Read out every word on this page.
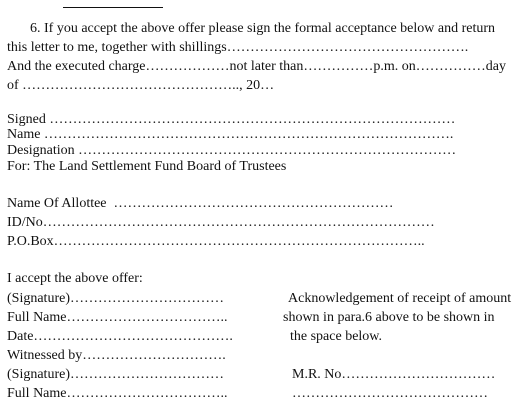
6. If you accept the above offer please sign the formal acceptance below and return
this letter to me, together with shillings…………………………………………….
And the executed charge………………not later than……………p.m. on……………day
of ……………………………………….., 20…
Signed ……………………………………………………………………………
Name …………………………………………………………………………….
Designation ………………………………………………………………………
For: The Land Settlement Fund Board of Trustees
Name Of Allottee  ……………………………………………………
ID/No…………………………………………………………………………
P.O.Box……………………………………………………………………..
I accept the above offer:
(Signature)……………………………
Full Name……………………………..
Date…………………………………….
Witnessed by………………………….
(Signature)……………………………
Full Name……………………………..
Acknowledgement of receipt of amount
shown in para.6 above to be shown in
the space below.
M.R. No……………………………
……………………………………
